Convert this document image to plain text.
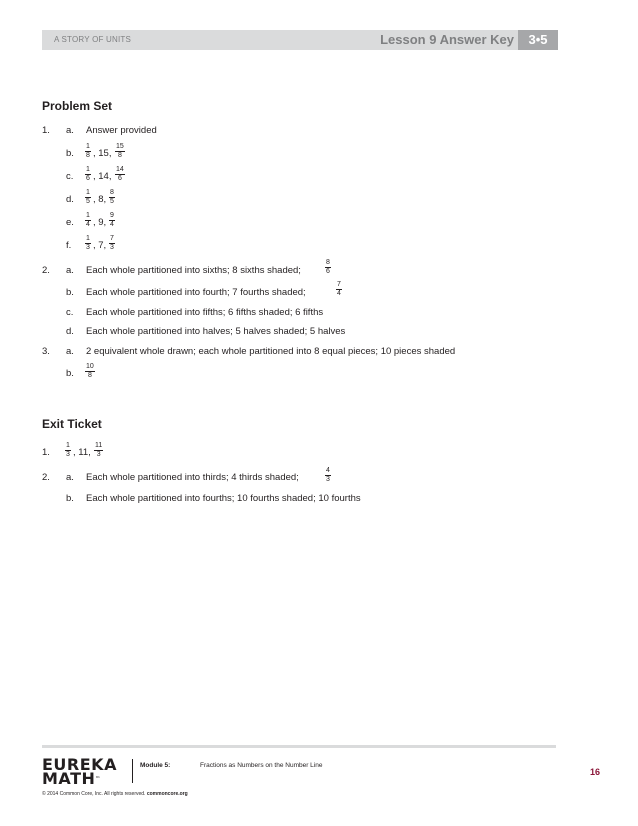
A STORY OF UNITS	Lesson 9 Answer Key	3•5
Problem Set
1. a. Answer provided
b. $\frac{1}{8}$ , 15, $\frac{15}{8}$
c. $\frac{1}{6}$ , 14, $\frac{14}{6}$
d. $\frac{1}{5}$ , 8, $\frac{8}{5}$
e. $\frac{1}{4}$ , 9, $\frac{9}{4}$
f. $\frac{1}{3}$ , 7, $\frac{7}{3}$
2. a. Each whole partitioned into sixths; 8 sixths shaded;	$\frac{8}{6}$
b. Each whole partitioned into fourth; 7 fourths shaded;	$\frac{7}{4}$
c. Each whole partitioned into fifths; 6 fifths shaded; 6 fifths
d. Each whole partitioned into halves; 5 halves shaded; 5 halves
3. a. 2 equivalent whole drawn; each whole partitioned into 8 equal pieces; 10 pieces shaded
b. $\frac{10}{8}$
Exit Ticket
1. $\frac{1}{3}$ , 11, $\frac{11}{3}$
2. a. Each whole partitioned into thirds; 4 thirds shaded;	$\frac{4}{3}$
b. Each whole partitioned into fourths; 10 fourths shaded; 10 fourths
EUREKA
MATH™
Module 5:	Fractions as Numbers on the Number Line
16
© 2014 Common Core, Inc. All rights reserved. commoncore.org
